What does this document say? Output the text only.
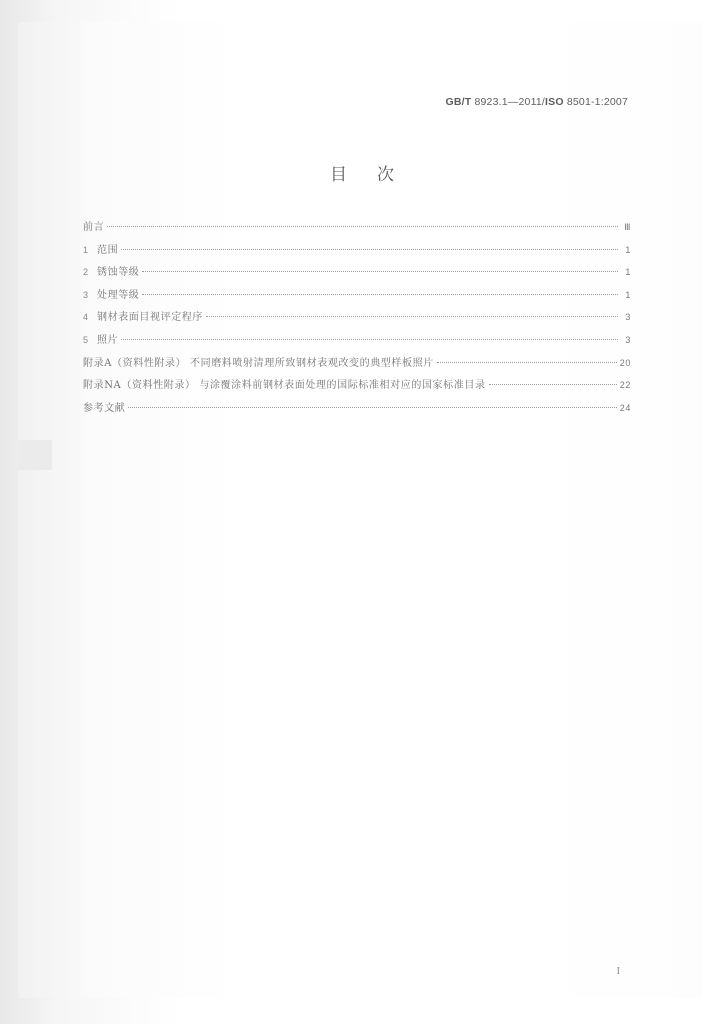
GB/T 8923.1—2011/ISO 8501-1:2007
目次
前言	Ⅲ
1 范围	1
2 锈蚀等级	1
3 处理等级	1
4 钢材表面目视评定程序	3
5 照片	3
附录A（资料性附录） 不同磨料喷射清理所致钢材表观改变的典型样板照片	20
附录NA（资料性附录） 与涂覆涂料前钢材表面处理的国际标准相对应的国家标准目录	22
参考文献	24
I
